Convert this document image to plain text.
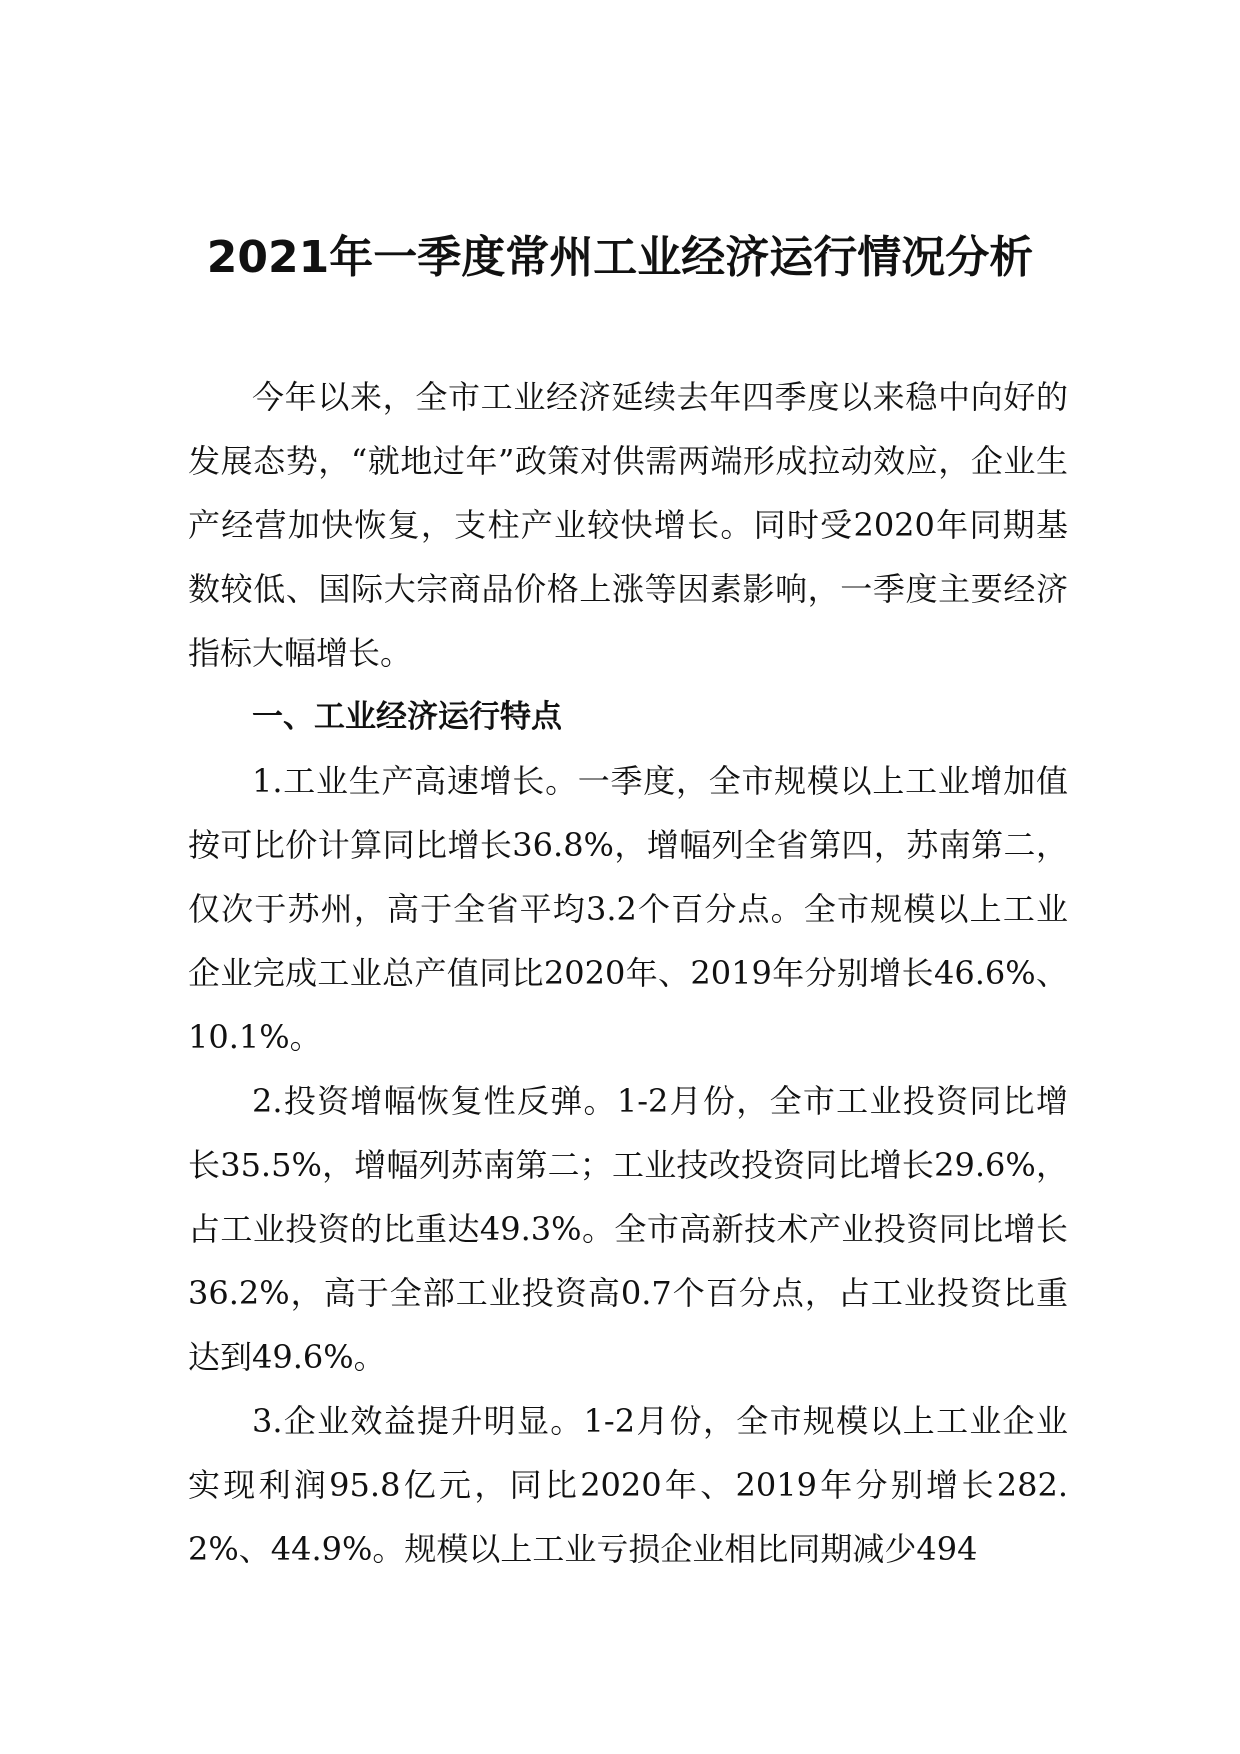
2021年一季度常州工业经济运行情况分析

今年以来，全市工业经济延续去年四季度以来稳中向好的发展态势，“就地过年”政策对供需两端形成拉动效应，企业生产经营加快恢复，支柱产业较快增长。同时受2020年同期基数较低、国际大宗商品价格上涨等因素影响，一季度主要经济指标大幅增长。

一、工业经济运行特点

1.工业生产高速增长。一季度，全市规模以上工业增加值按可比价计算同比增长36.8%，增幅列全省第四，苏南第二，仅次于苏州，高于全省平均3.2个百分点。全市规模以上工业企业完成工业总产值同比2020年、2019年分别增长46.6%、10.1%。

2.投资增幅恢复性反弹。1-2月份，全市工业投资同比增长35.5%，增幅列苏南第二；工业技改投资同比增长29.6%，占工业投资的比重达49.3%。全市高新技术产业投资同比增长36.2%，高于全部工业投资高0.7个百分点，占工业投资比重达到49.6%。

3.企业效益提升明显。1-2月份，全市规模以上工业企业实现利润95.8亿元，同比2020年、2019年分别增长282.2%、44.9%。规模以上工业亏损企业相比同期减少494
